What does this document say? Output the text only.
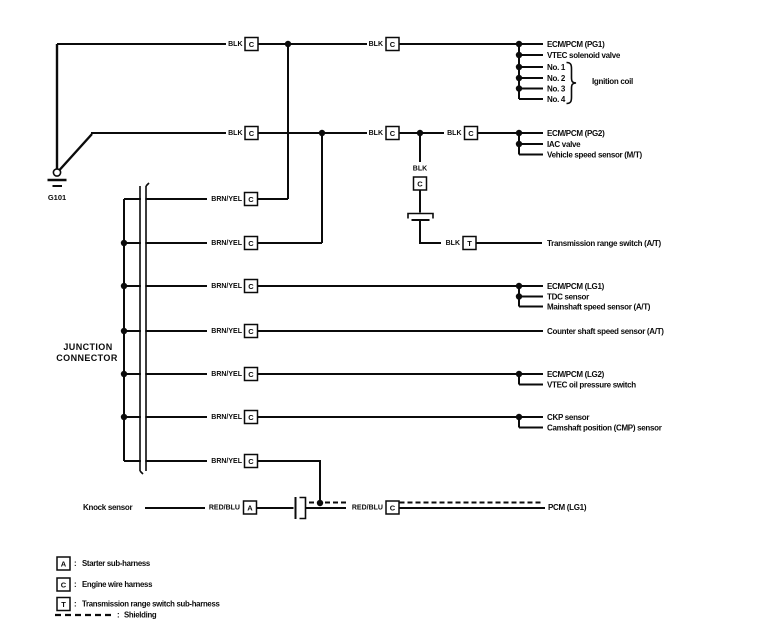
G101
BLK C	BLK C	ECM/PCM (PG1)
VTEC solenoid valve
No. 1
No. 2
No. 3
No. 4
Ignition coil
BLK C	BLK C	BLK C	ECM/PCM (PG2)
IAC valve
Vehicle speed sensor (M/T)
BLK
C
BLK T	Transmission range switch (A/T)
BRN/YEL C
BRN/YEL C
BRN/YEL C	ECM/PCM (LG1)
TDC sensor
Mainshaft speed sensor (A/T)
BRN/YEL C	Counter shaft speed sensor (A/T)
BRN/YEL C	ECM/PCM (LG2)
VTEC oil pressure switch
BRN/YEL C	CKP sensor
Camshaft position (CMP) sensor
BRN/YEL C
JUNCTION
CONNECTOR
Knock sensor	RED/BLU A	RED/BLU C	PCM (LG1)
A : Starter sub-harness
C : Engine wire harness
T : Transmission range switch sub-harness
: Shielding
